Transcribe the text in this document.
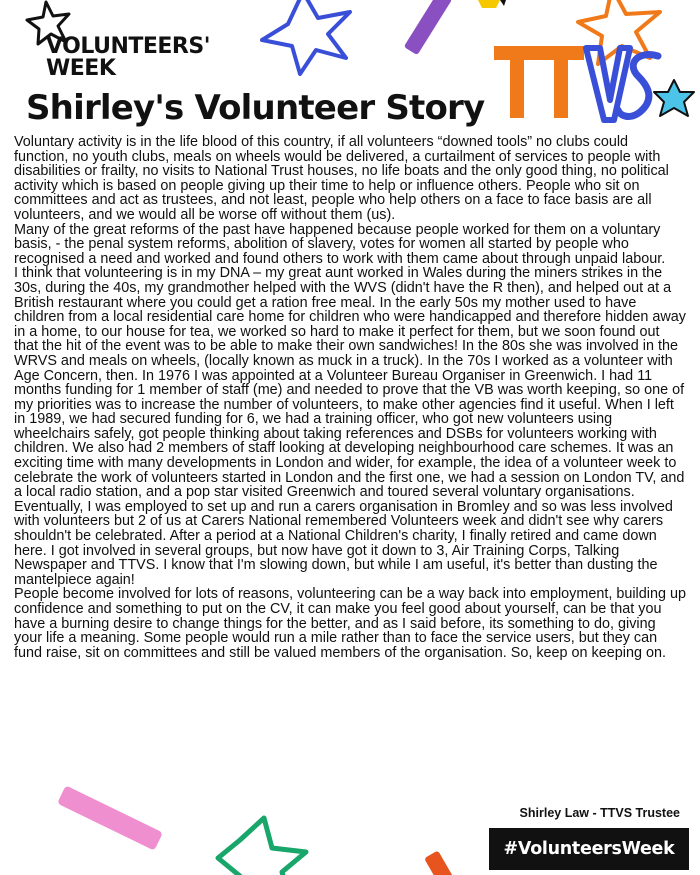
VOLUNTEERS'
WEEK
Shirley's Volunteer Story

Voluntary activity is in the life blood of this country, if all volunteers “downed tools” no clubs could function, no youth clubs, meals on wheels would be delivered, a curtailment of services to people with disabilities or frailty, no visits to National Trust houses, no life boats and the only good thing, no political activity which is based on people giving up their time to help or influence others. People who sit on committees and act as trustees, and not least, people who help others on a face to face basis are all volunteers, and we would all be worse off without them (us).

Many of the great reforms of the past have happened because people worked for them on a voluntary basis, - the penal system reforms, abolition of slavery, votes for women all started by people who recognised a need and worked and found others to work with them came about through unpaid labour.

I think that volunteering is in my DNA – my great aunt worked in Wales during the miners strikes in the 30s, during the 40s, my grandmother helped with the WVS (didn't have the R then), and helped out at a British restaurant where you could get a ration free meal. In the early 50s my mother used to have children from a local residential care home for children who were handicapped and therefore hidden away in a home, to our house for tea, we worked so hard to make it perfect for them, but we soon found out that the hit of the event was to be able to make their own sandwiches! In the 80s she was involved in the WRVS and meals on wheels, (locally known as muck in a truck). In the 70s I worked as a volunteer with Age Concern, then. In 1976 I was appointed at a Volunteer Bureau Organiser in Greenwich. I had 11 months funding for 1 member of staff (me) and needed to prove that the VB was worth keeping, so one of my priorities was to increase the number of volunteers, to make other agencies find it useful. When I left in 1989, we had secured funding for 6, we had a training officer, who got new volunteers using wheelchairs safely, got people thinking about taking references and DSBs for volunteers working with children. We also had 2 members of staff looking at developing neighbourhood care schemes. It was an exciting time with many developments in London and wider, for example, the idea of a volunteer week to celebrate the work of volunteers started in London and the first one, we had a session on London TV, and a local radio station, and a pop star visited Greenwich and toured several voluntary organisations.

Eventually, I was employed to set up and run a carers organisation in Bromley and so was less involved with volunteers but 2 of us at Carers National remembered Volunteers week and didn't see why carers shouldn't be celebrated. After a period at a National Children's charity, I finally retired and came down here. I got involved in several groups, but now have got it down to 3, Air Training Corps, Talking Newspaper and TTVS. I know that I'm slowing down, but while I am useful, it's better than dusting the mantelpiece again!

People become involved for lots of reasons, volunteering can be a way back into employment, building up confidence and something to put on the CV, it can make you feel good about yourself, can be that you have a burning desire to change things for the better, and as I said before, its something to do, giving your life a meaning. Some people would run a mile rather than to face the service users, but they can fund raise, sit on committees and still be valued members of the organisation. So, keep on keeping on.

Shirley Law - TTVS Trustee
#VolunteersWeek
